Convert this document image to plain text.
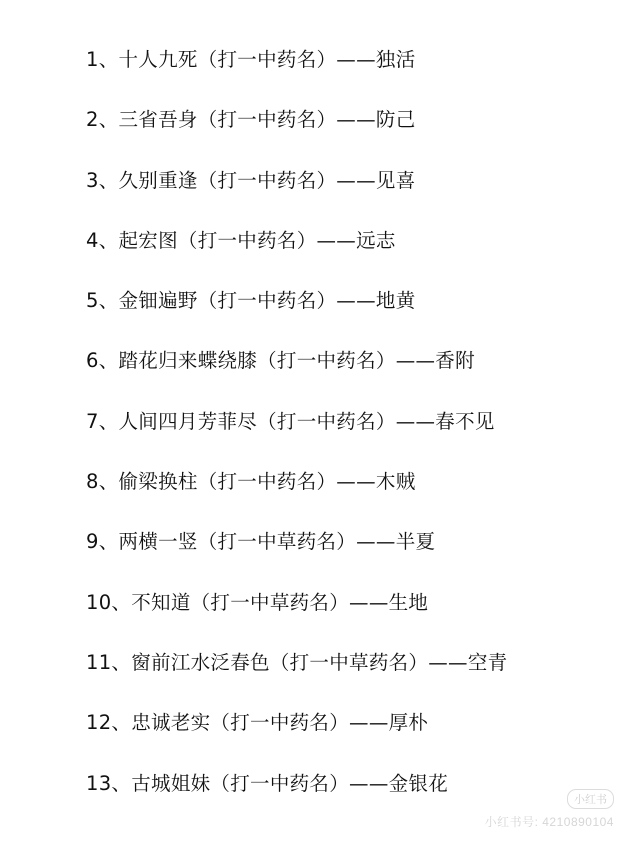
1、十人九死（打一中药名）——独活
2、三省吾身（打一中药名）——防己
3、久别重逢（打一中药名）——见喜
4、起宏图（打一中药名）——远志
5、金钿遍野（打一中药名）——地黄
6、踏花归来蝶绕膝（打一中药名）——香附
7、人间四月芳菲尽（打一中药名）——春不见
8、偷梁换柱（打一中药名）——木贼
9、两横一竖（打一中草药名）——半夏
10、不知道（打一中草药名）——生地
11、窗前江水泛春色（打一中草药名）——空青
12、忠诚老实（打一中药名）——厚朴
13、古城姐妹（打一中药名）——金银花
小红书
小红书号: 4210890104
